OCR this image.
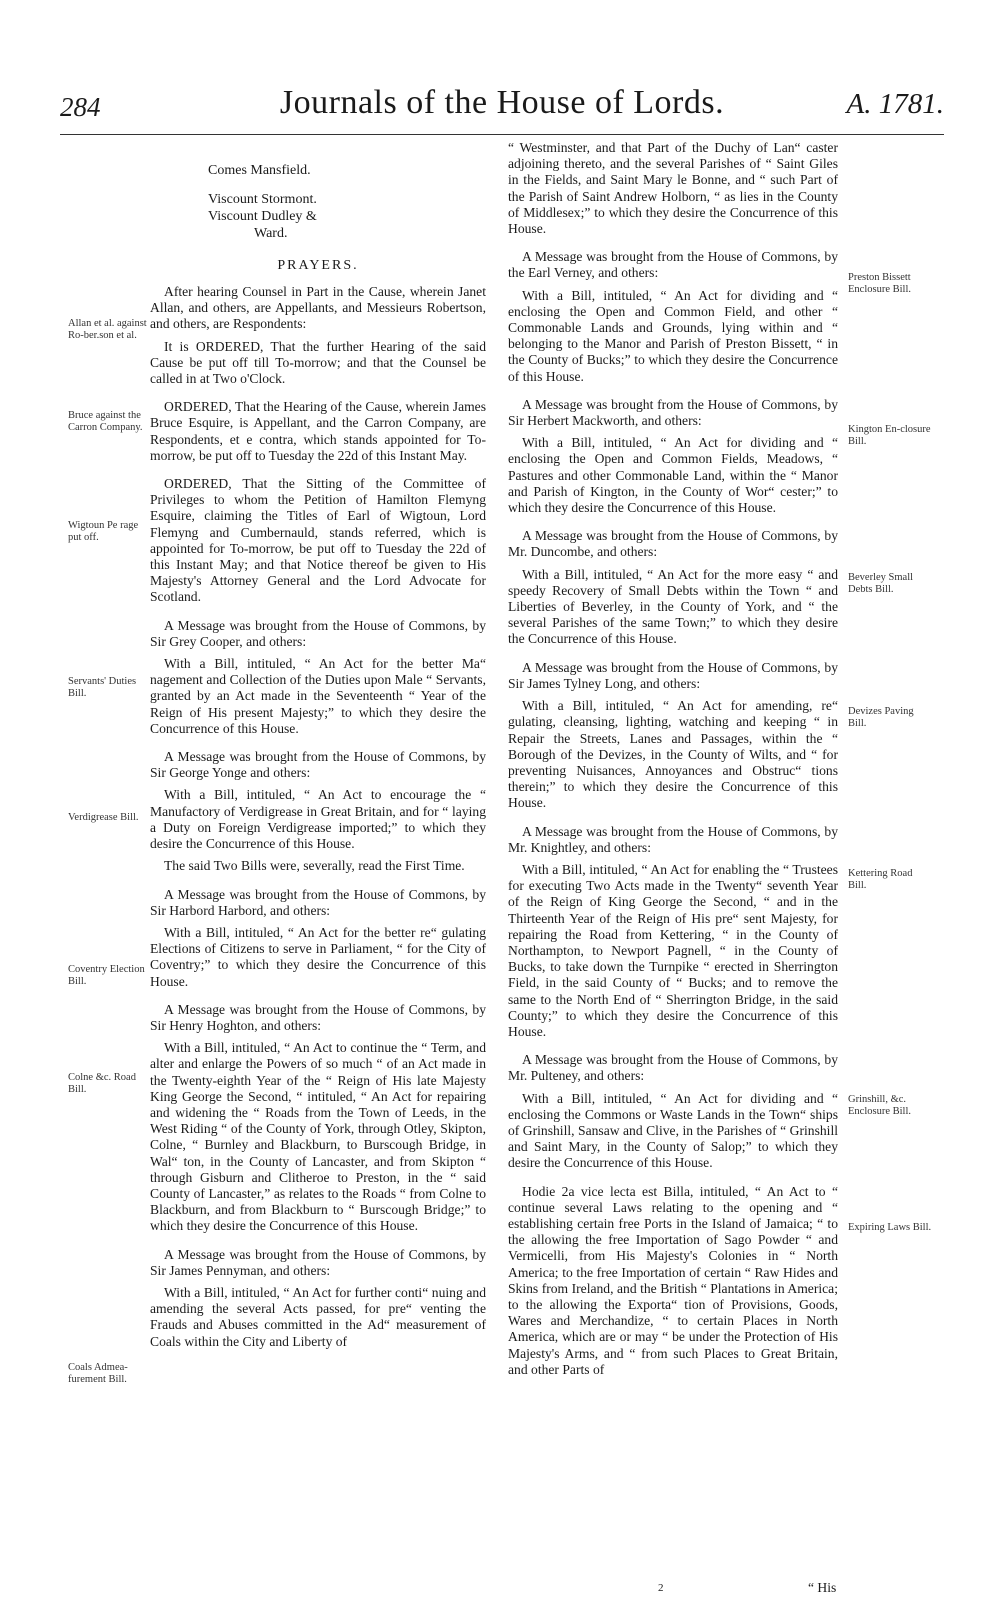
284	Journals of the House of Lords.	A. 1781.
Comes Mansfield.
Viscount Stormont.
Viscount Dudley &
Ward.
PRAYERS.

After hearing Counsel in Part in the Cause, wherein Janet Allan, and others, are Appellants, and Messieurs Robertson, and others, are Respondents:

It is ORDERED, That the further Hearing of the said Cause be put off till To-morrow; and that the Counsel be called in at Two o'Clock.

ORDERED, That the Hearing of the Cause, wherein James Bruce Esquire, is Appellant, and the Carron Company, are Respondents, et e contra, which stands appointed for To-morrow, be put off to Tuesday the 22d of this Instant May.

ORDERED, That the Sitting of the Committee of Privileges to whom the Petition of Hamilton Flemyng Esquire, claiming the Titles of Earl of Wigtoun, Lord Flemyng and Cumbernauld, stands referred, which is appointed for To-morrow, be put off to Tuesday the 22d of this Instant May; and that Notice thereof be given to His Majesty's Attorney General and the Lord Advocate for Scotland.

A Message was brought from the House of Commons, by Sir Grey Cooper, and others:

With a Bill, intituled, “ An Act for the better Ma“ nagement and Collection of the Duties upon Male “ Servants, granted by an Act made in the Seventeenth “ Year of the Reign of His present Majesty;” to which they desire the Concurrence of this House.

A Message was brought from the House of Commons, by Sir George Yonge and others:

With a Bill, intituled, “ An Act to encourage the “ Manufactory of Verdigrease in Great Britain, and for “ laying a Duty on Foreign Verdigrease imported;” to which they desire the Concurrence of this House.

The said Two Bills were, severally, read the First Time.

A Message was brought from the House of Commons, by Sir Harbord Harbord, and others:

With a Bill, intituled, “ An Act for the better re“ gulating Elections of Citizens to serve in Parliament, “ for the City of Coventry;” to which they desire the Concurrence of this House.

A Message was brought from the House of Commons, by Sir Henry Hoghton, and others:

With a Bill, intituled, “ An Act to continue the “ Term, and alter and enlarge the Powers of so much “ of an Act made in the Twenty-eighth Year of the “ Reign of His late Majesty King George the Second, “ intituled, “ An Act for repairing and widening the “ Roads from the Town of Leeds, in the West Riding “ of the County of York, through Otley, Skipton, Colne, “ Burnley and Blackburn, to Burscough Bridge, in Wal“ ton, in the County of Lancaster, and from Skipton “ through Gisburn and Clitheroe to Preston, in the “ said County of Lancaster,” as relates to the Roads “ from Colne to Blackburn, and from Blackburn to “ Burscough Bridge;” to which they desire the Concurrence of this House.

A Message was brought from the House of Commons, by Sir James Pennyman, and others:

With a Bill, intituled, “ An Act for further conti“ nuing and amending the several Acts passed, for pre“ venting the Frauds and Abuses committed in the Ad“ measurement of Coals within the City and Liberty of

“ Westminster, and that Part of the Duchy of Lan“ caster adjoining thereto, and the several Parishes of “ Saint Giles in the Fields, and Saint Mary le Bonne, and “ such Part of the Parish of Saint Andrew Holborn, “ as lies in the County of Middlesex;” to which they desire the Concurrence of this House.

A Message was brought from the House of Commons, by the Earl Verney, and others:

With a Bill, intituled, “ An Act for dividing and “ enclosing the Open and Common Field, and other “ Commonable Lands and Grounds, lying within and “ belonging to the Manor and Parish of Preston Bissett, “ in the County of Bucks;” to which they desire the Concurrence of this House.

A Message was brought from the House of Commons, by Sir Herbert Mackworth, and others:

With a Bill, intituled, “ An Act for dividing and “ enclosing the Open and Common Fields, Meadows, “ Pastures and other Commonable Land, within the “ Manor and Parish of Kington, in the County of Wor“ cester;” to which they desire the Concurrence of this House.

A Message was brought from the House of Commons, by Mr. Duncombe, and others:

With a Bill, intituled, “ An Act for the more easy “ and speedy Recovery of Small Debts within the Town “ and Liberties of Beverley, in the County of York, and “ the several Parishes of the same Town;” to which they desire the Concurrence of this House.

A Message was brought from the House of Commons, by Sir James Tylney Long, and others:

With a Bill, intituled, “ An Act for amending, re“ gulating, cleansing, lighting, watching and keeping “ in Repair the Streets, Lanes and Passages, within the “ Borough of the Devizes, in the County of Wilts, and “ for preventing Nuisances, Annoyances and Obstruc“ tions therein;” to which they desire the Concurrence of this House.

A Message was brought from the House of Commons, by Mr. Knightley, and others:

With a Bill, intituled, “ An Act for enabling the “ Trustees for executing Two Acts made in the Twenty“ seventh Year of the Reign of King George the Second, “ and in the Thirteenth Year of the Reign of His pre“ sent Majesty, for repairing the Road from Kettering, “ in the County of Northampton, to Newport Pagnell, “ in the County of Bucks, to take down the Turnpike “ erected in Sherrington Field, in the said County of “ Bucks; and to remove the same to the North End of “ Sherrington Bridge, in the said County;” to which they desire the Concurrence of this House.

A Message was brought from the House of Commons, by Mr. Pulteney, and others:

With a Bill, intituled, “ An Act for dividing and “ enclosing the Commons or Waste Lands in the Town“ ships of Grinshill, Sansaw and Clive, in the Parishes of “ Grinshill and Saint Mary, in the County of Salop;” to which they desire the Concurrence of this House.

Hodie 2a vice lecta est Billa, intituled, “ An Act to “ continue several Laws relating to the opening and “ establishing certain free Ports in the Island of Jamaica; “ to the allowing the free Importation of Sago Powder “ and Vermicelli, from His Majesty's Colonies in “ North America; to the free Importation of certain “ Raw Hides and Skins from Ireland, and the British “ Plantations in America; to the allowing the Exporta“ tion of Provisions, Goods, Wares and Merchandize, “ to certain Places in North America, which are or may “ be under the Protection of His Majesty's Arms, and “ from such Places to Great Britain, and other Parts of

Allan et al. against Ro-ber.son et al.
Bruce against the Carron Company.
Wigtoun Pe rage put off.
Servants' Duties Bill.
Verdigrease Bill.
Coventry Election Bill.
Colne &c. Road Bill.
Coals Admea-furement Bill.
Preston Bissett Enclosure Bill.
Kington En-closure Bill.
Beverley Small Debts Bill.
Devizes Paving Bill.
Kettering Road Bill.
Grinshill, &c. Enclosure Bill.
Expiring Laws Bill.
2	“ His
